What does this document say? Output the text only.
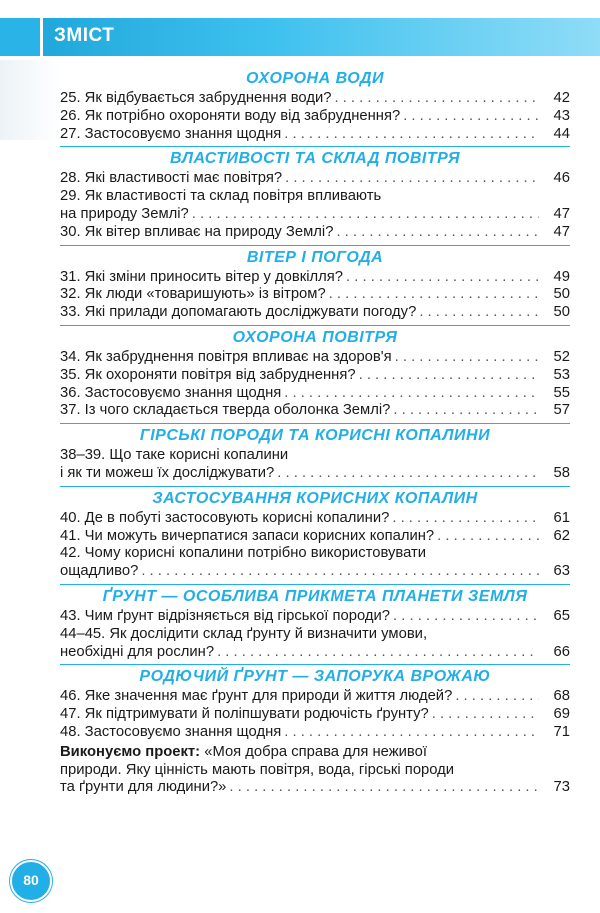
ЗМІСТ
ОХОРОНА ВОДИ
25. Як відбувається забруднення води? . . .	42
26. Як потрібно охороняти воду від забруднення? . . .	43
27. Застосовуємо знання щодня . . .	44
ВЛАСТИВОСТІ ТА СКЛАД ПОВІТРЯ
28. Які властивості має повітря? . . .	46
29. Як властивості та склад повітря впливають
на природу Землі? . . .	47
30. Як вітер впливає на природу Землі? . . .	47
ВІТЕР І ПОГОДА
31. Які зміни приносить вітер у довкілля? . . .	49
32. Як люди «товаришують» із вітром? . . .	50
33. Які прилади допомагають досліджувати погоду? . . .	50
ОХОРОНА ПОВІТРЯ
34. Як забруднення повітря впливає на здоров'я . . .	52
35. Як охороняти повітря від забруднення? . . .	53
36. Застосовуємо знання щодня . . .	55
37. Із чого складається тверда оболонка Землі? . . .	57
ГІРСЬКІ ПОРОДИ ТА КОРИСНІ КОПАЛИНИ
38–39. Що таке корисні копалини
і як ти можеш їх досліджувати? . . .	58
ЗАСТОСУВАННЯ КОРИСНИХ КОПАЛИН
40. Де в побуті застосовують корисні копалини? . . .	61
41. Чи можуть вичерпатися запаси корисних копалин? . . .	62
42. Чому корисні копалини потрібно використовувати
ощадливо? . . .	63
ҐРУНТ — ОСОБЛИВА ПРИКМЕТА ПЛАНЕТИ ЗЕМЛЯ
43. Чим ґрунт відрізняється від гірської породи? . . .	65
44–45. Як дослідити склад ґрунту й визначити умови,
необхідні для рослин? . . .	66
РОДЮЧИЙ ҐРУНТ — ЗАПОРУКА ВРОЖАЮ
46. Яке значення має ґрунт для природи й життя людей? . . .	68
47. Як підтримувати й поліпшувати родючість ґрунту? . . .	69
48. Застосовуємо знання щодня . . .	71
Виконуємо проект: «Моя добра справа для неживої
природи. Яку цінність мають повітря, вода, гірські породи
та ґрунти для людини?» . . .	73
80
